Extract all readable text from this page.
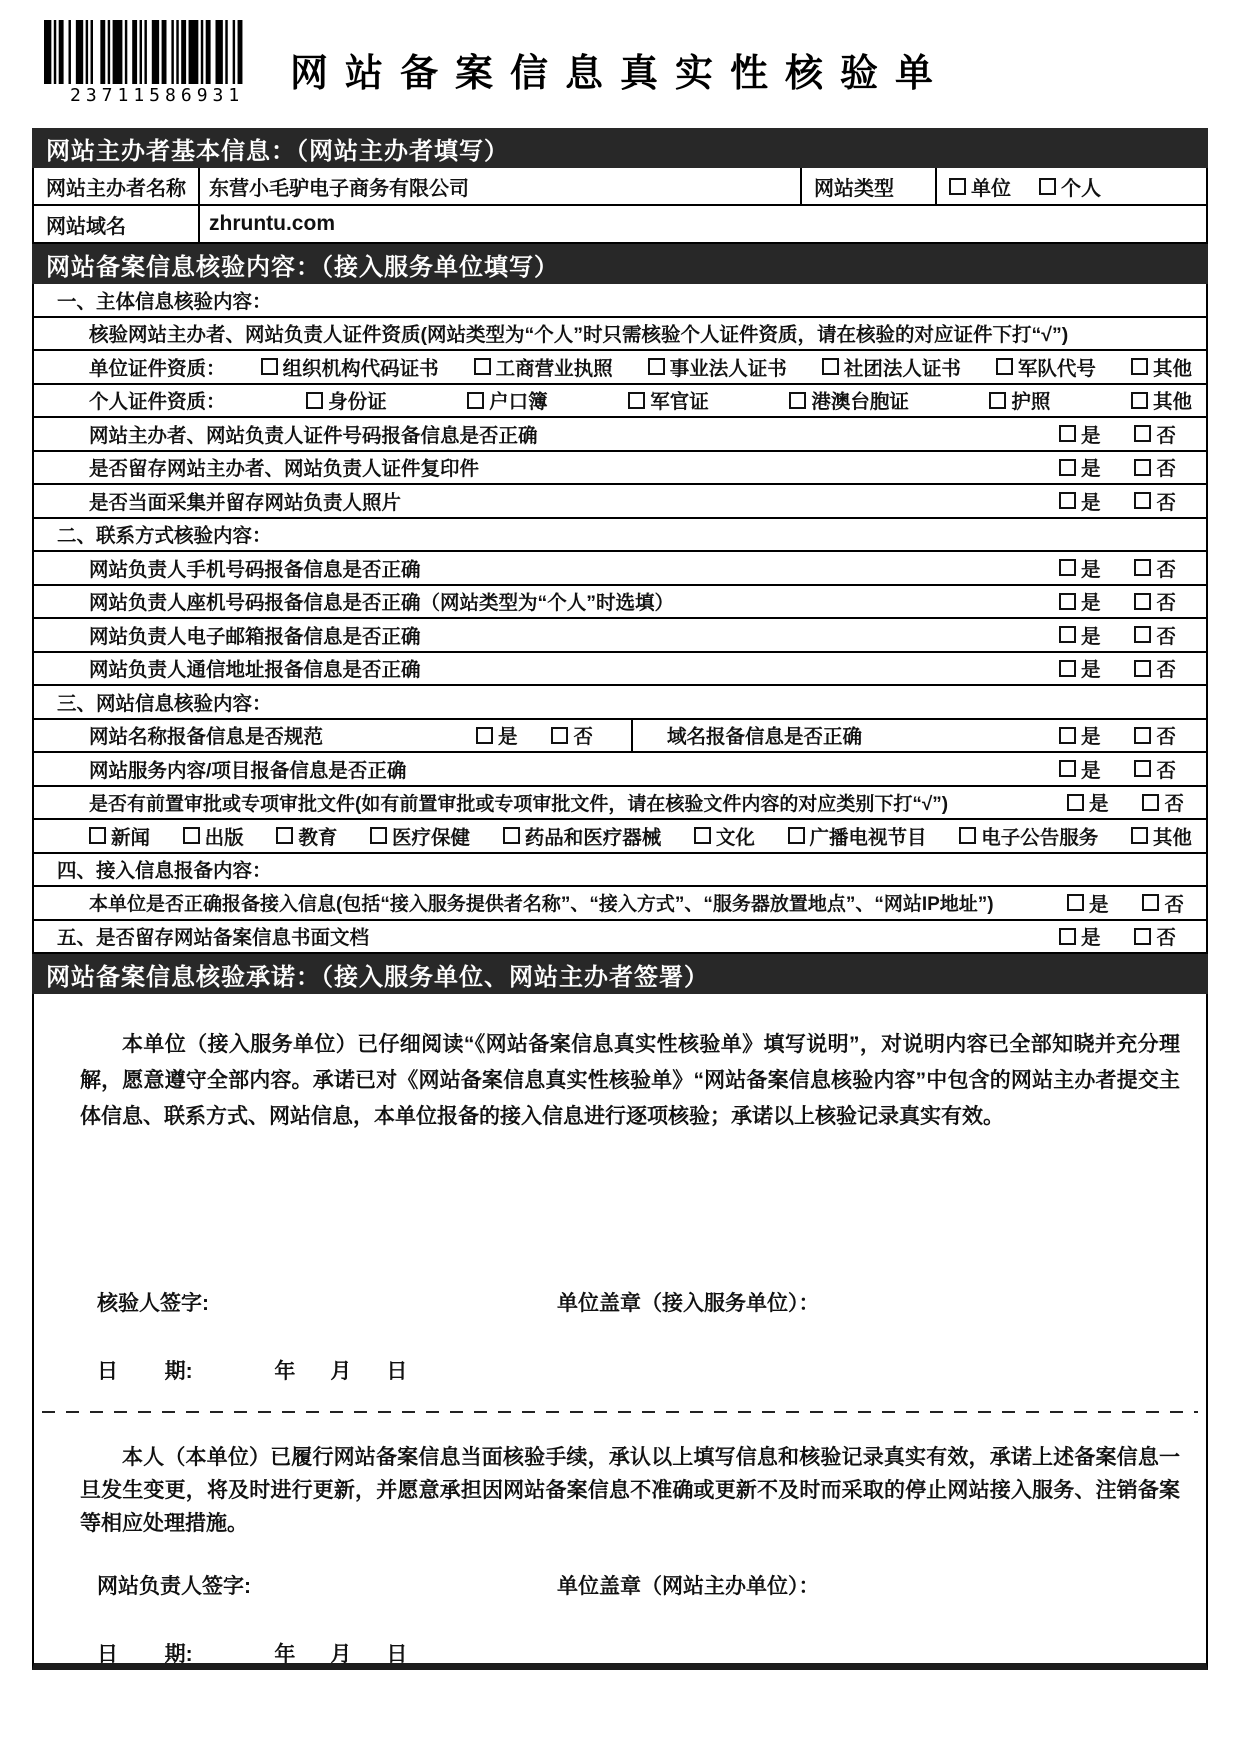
23711586931
网站备案信息真实性核验单
网站主办者基本信息：（网站主办者填写）
网站主办者名称	东营小毛驴电子商务有限公司	网站类型	单位	个人
网站域名	zhruntu.com
网站备案信息核验内容：（接入服务单位填写）
一、主体信息核验内容：
核验网站主办者、网站负责人证件资质(网站类型为“个人”时只需核验个人证件资质，请在核验的对应证件下打“√”)
单位证件资质：	组织机构代码证书	工商营业执照	事业法人证书	社团法人证书	军队代号	其他
个人证件资质：	身份证	户口簿	军官证	港澳台胞证	护照	其他
网站主办者、网站负责人证件号码报备信息是否正确	是	否
是否留存网站主办者、网站负责人证件复印件	是	否
是否当面采集并留存网站负责人照片	是	否
二、联系方式核验内容：
网站负责人手机号码报备信息是否正确	是	否
网站负责人座机号码报备信息是否正确（网站类型为“个人”时选填）	是	否
网站负责人电子邮箱报备信息是否正确	是	否
网站负责人通信地址报备信息是否正确	是	否
三、网站信息核验内容：
网站名称报备信息是否规范	是	否	域名报备信息是否正确	是	否
网站服务内容/项目报备信息是否正确	是	否
是否有前置审批或专项审批文件(如有前置审批或专项审批文件，请在核验文件内容的对应类别下打“√”)	是	否
新闻	出版	教育	医疗保健	药品和医疗器械	文化	广播电视节目	电子公告服务	其他
四、接入信息报备内容：
本单位是否正确报备接入信息(包括“接入服务提供者名称”、“接入方式”、“服务器放置地点”、“网站IP地址”)	是	否
五、是否留存网站备案信息书面文档	是	否
网站备案信息核验承诺：（接入服务单位、网站主办者签署）

本单位（接入服务单位）已仔细阅读“《网站备案信息真实性核验单》填写说明”，对说明内容已全部知晓并充分理解，愿意遵守全部内容。承诺已对《网站备案信息真实性核验单》“网站备案信息核验内容”中包含的网站主办者提交主体信息、联系方式、网站信息，本单位报备的接入信息进行逐项核验；承诺以上核验记录真实有效。

核验人签字:	单位盖章（接入服务单位）：
日        期:              年      月      日

本人（本单位）已履行网站备案信息当面核验手续，承认以上填写信息和核验记录真实有效，承诺上述备案信息一旦发生变更，将及时进行更新，并愿意承担因网站备案信息不准确或更新不及时而采取的停止网站接入服务、注销备案等相应处理措施。

网站负责人签字:	单位盖章（网站主办单位）：
日        期:              年      月      日
